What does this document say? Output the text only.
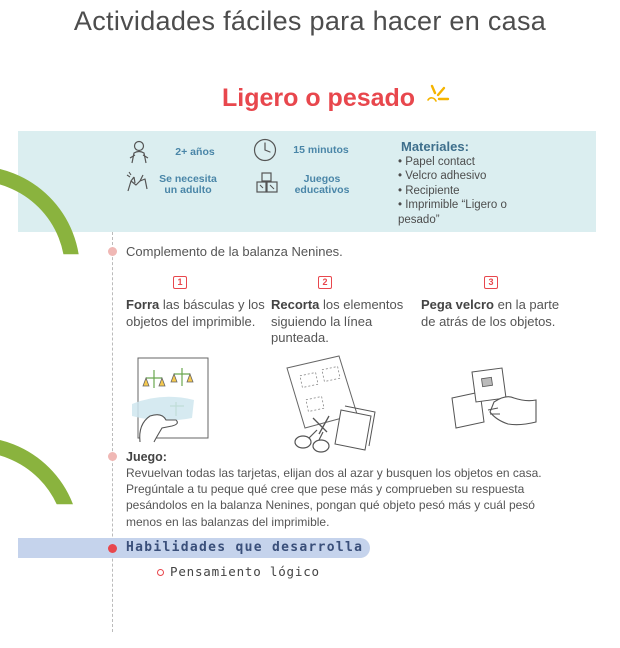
Actividades fáciles para hacer en casa
Ligero o pesado
2+ años	15 minutos
Se necesita
un adulto
Juegos
educativos
Materiales:
• Papel contact
• Velcro adhesivo
• Recipiente
• Imprimible “Ligero o pesado”
Complemento de la balanza Nenines.
1
Forra las básculas y los objetos del imprimible.
2
Recorta los elementos siguiendo la línea punteada.
3
Pega velcro en la parte de atrás de los objetos.
Juego:
Revuelvan todas las tarjetas, elijan dos al azar y busquen los objetos en casa. Pregúntale a tu peque qué cree que pese más y comprueben su respuesta pesándolos en la balanza Nenines, pongan qué objeto pesó más y cuál pesó menos en las balanzas del imprimible.
Habilidades que desarrolla
Pensamiento lógico
